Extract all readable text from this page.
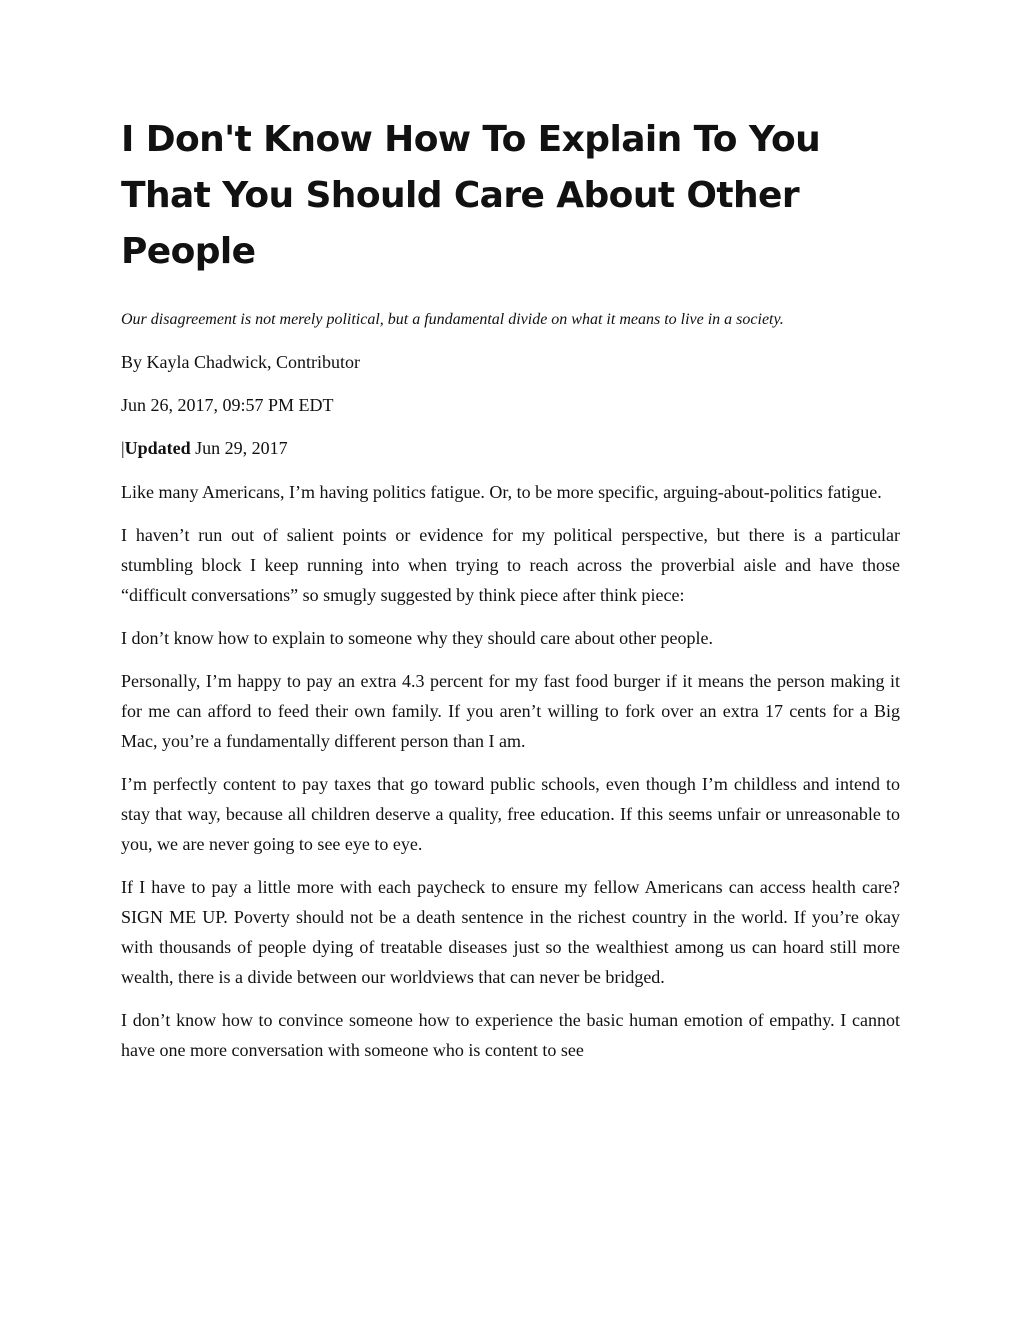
I Don't Know How To Explain To You That You Should Care About Other People

Our disagreement is not merely political, but a fundamental divide on what it means to live in a society.

By Kayla Chadwick, Contributor
Jun 26, 2017, 09:57 PM EDT
|Updated Jun 29, 2017

Like many Americans, I’m having politics fatigue. Or, to be more specific, arguing-about-politics fatigue.

I haven’t run out of salient points or evidence for my political perspective, but there is a particular stumbling block I keep running into when trying to reach across the proverbial aisle and have those “difficult conversations” so smugly suggested by think piece after think piece:

I don’t know how to explain to someone why they should care about other people.

Personally, I’m happy to pay an extra 4.3 percent for my fast food burger if it means the person making it for me can afford to feed their own family. If you aren’t willing to fork over an extra 17 cents for a Big Mac, you’re a fundamentally different person than I am.

I’m perfectly content to pay taxes that go toward public schools, even though I’m childless and intend to stay that way, because all children deserve a quality, free education. If this seems unfair or unreasonable to you, we are never going to see eye to eye.

If I have to pay a little more with each paycheck to ensure my fellow Americans can access health care? SIGN ME UP. Poverty should not be a death sentence in the richest country in the world. If you’re okay with thousands of people dying of treatable diseases just so the wealthiest among us can hoard still more wealth, there is a divide between our worldviews that can never be bridged.

I don’t know how to convince someone how to experience the basic human emotion of empathy. I cannot have one more conversation with someone who is content to see
